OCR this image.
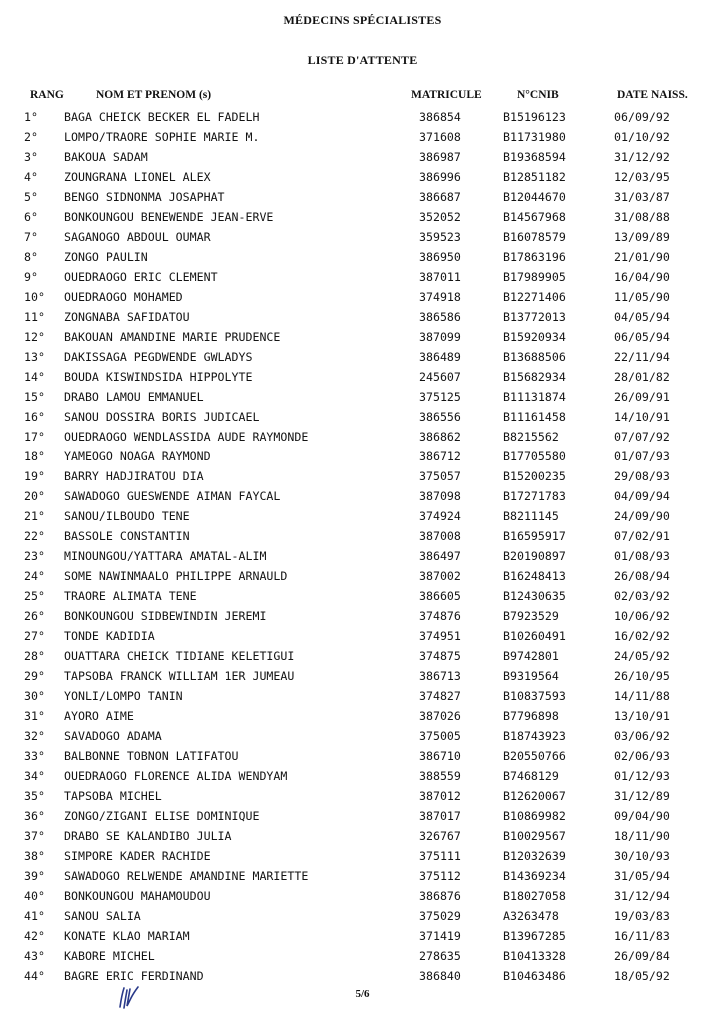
MÉDECINS SPÉCIALISTES
LISTE D'ATTENTE
RANG	NOM ET PRENOM (s)	MATRICULE	N°CNIB	DATE NAISS.
1° BAGA CHEICK BECKER EL FADELH	386854	B15196123	06/09/92
2° LOMPO/TRAORE SOPHIE MARIE M.	371608	B11731980	01/10/92
3° BAKOUA SADAM	386987	B19368594	31/12/92
4° ZOUNGRANA LIONEL ALEX	386996	B12851182	12/03/95
5° BENGO SIDNONMA JOSAPHAT	386687	B12044670	31/03/87
6° BONKOUNGOU BENEWENDE JEAN-ERVE	352052	B14567968	31/08/88
7° SAGANOGO ABDOUL OUMAR	359523	B16078579	13/09/89
8° ZONGO PAULIN	386950	B17863196	21/01/90
9° OUEDRAOGO ERIC CLEMENT	387011	B17989905	16/04/90
10° OUEDRAOGO MOHAMED	374918	B12271406	11/05/90
11° ZONGNABA SAFIDATOU	386586	B13772013	04/05/94
12° BAKOUAN AMANDINE MARIE PRUDENCE	387099	B15920934	06/05/94
13° DAKISSAGA PEGDWENDE GWLADYS	386489	B13688506	22/11/94
14° BOUDA KISWINDSIDA HIPPOLYTE	245607	B15682934	28/01/82
15° DRABO LAMOU EMMANUEL	375125	B11131874	26/09/91
16° SANOU DOSSIRA BORIS JUDICAEL	386556	B11161458	14/10/91
17° OUEDRAOGO WENDLASSIDA AUDE RAYMONDE	386862	B8215562	07/07/92
18° YAMEOGO NOAGA RAYMOND	386712	B17705580	01/07/93
19° BARRY HADJIRATOU DIA	375057	B15200235	29/08/93
20° SAWADOGO GUESWENDE AIMAN FAYCAL	387098	B17271783	04/09/94
21° SANOU/ILBOUDO TENE	374924	B8211145	24/09/90
22° BASSOLE CONSTANTIN	387008	B16595917	07/02/91
23° MINOUNGOU/YATTARA AMATAL-ALIM	386497	B20190897	01/08/93
24° SOME NAWINMAALO PHILIPPE ARNAULD	387002	B16248413	26/08/94
25° TRAORE ALIMATA TENE	386605	B12430635	02/03/92
26° BONKOUNGOU SIDBEWINDIN JEREMI	374876	B7923529	10/06/92
27° TONDE KADIDIA	374951	B10260491	16/02/92
28° OUATTARA CHEICK TIDIANE KELETIGUI	374875	B9742801	24/05/92
29° TAPSOBA FRANCK WILLIAM 1ER JUMEAU	386713	B9319564	26/10/95
30° YONLI/LOMPO TANIN	374827	B10837593	14/11/88
31° AYORO AIME	387026	B7796898	13/10/91
32° SAVADOGO ADAMA	375005	B18743923	03/06/92
33° BALBONNE TOBNON LATIFATOU	386710	B20550766	02/06/93
34° OUEDRAOGO FLORENCE ALIDA WENDYAM	388559	B7468129	01/12/93
35° TAPSOBA MICHEL	387012	B12620067	31/12/89
36° ZONGO/ZIGANI ELISE DOMINIQUE	387017	B10869982	09/04/90
37° DRABO SE KALANDIBO JULIA	326767	B10029567	18/11/90
38° SIMPORE KADER RACHIDE	375111	B12032639	30/10/93
39° SAWADOGO RELWENDE AMANDINE MARIETTE	375112	B14369234	31/05/94
40° BONKOUNGOU MAHAMOUDOU	386876	B18027058	31/12/94
41° SANOU SALIA	375029	A3263478	19/03/83
42° KONATE KLAO MARIAM	371419	B13967285	16/11/83
43° KABORE MICHEL	278635	B10413328	26/09/84
44° BAGRE ERIC FERDINAND	386840	B10463486	18/05/92
5/6
